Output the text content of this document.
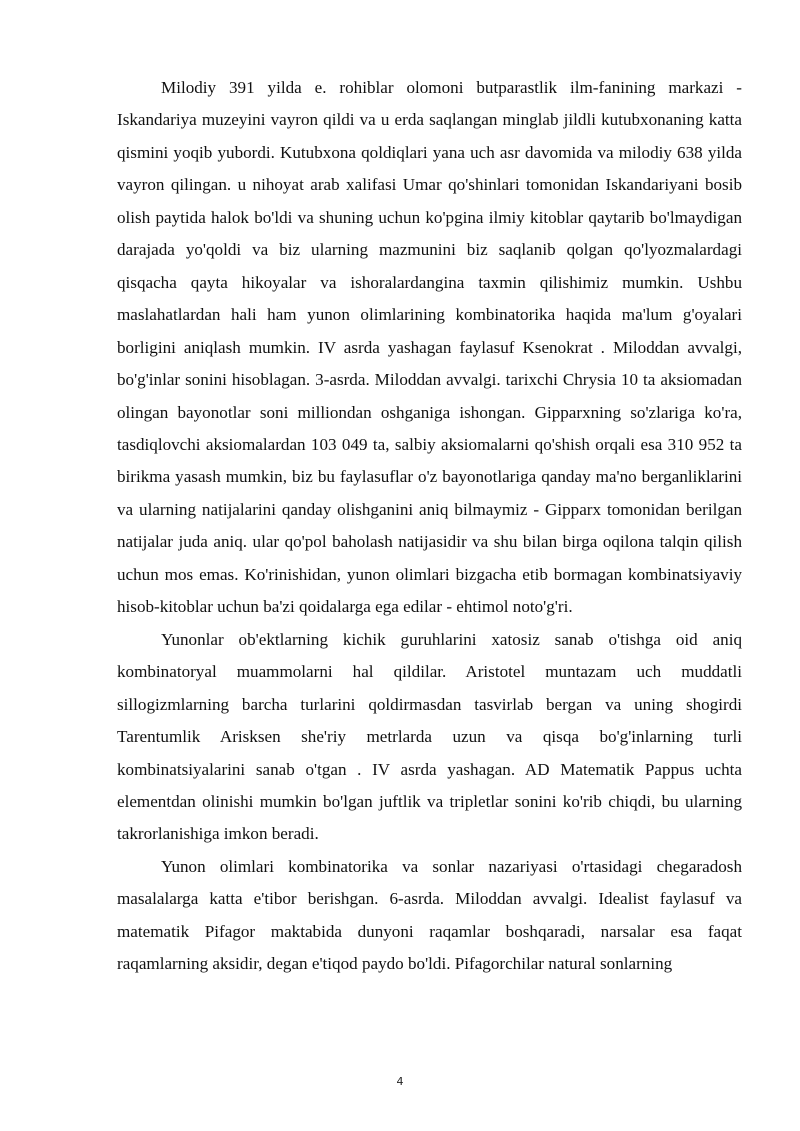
Milodiy 391 yilda e. rohiblar olomoni butparastlik ilm-fanining markazi - Iskandariya muzeyini vayron qildi va u erda saqlangan minglab jildli kutubxonaning katta qismini yoqib yubordi. Kutubxona qoldiqlari yana uch asr davomida va milodiy 638 yilda vayron qilingan. u nihoyat arab xalifasi Umar qo'shinlari tomonidan Iskandariyani bosib olish paytida halok bo'ldi va shuning uchun ko'pgina ilmiy kitoblar qaytarib bo'lmaydigan darajada yo'qoldi va biz ularning mazmunini biz saqlanib qolgan qo'lyozmalardagi qisqacha qayta hikoyalar va ishoralardangina taxmin qilishimiz mumkin. Ushbu maslahatlardan hali ham yunon olimlarining kombinatorika haqida ma'lum g'oyalari borligini aniqlash mumkin. IV asrda yashagan faylasuf Ksenokrat . Miloddan avvalgi, bo'g'inlar sonini hisoblagan. 3-asrda. Miloddan avvalgi. tarixchi Chrysia 10 ta aksiomadan olingan bayonotlar soni milliondan oshganiga ishongan. Gipparxning so'zlariga ko'ra, tasdiqlovchi aksiomalardan 103 049 ta, salbiy aksiomalarni qo'shish orqali esa 310 952 ta birikma yasash mumkin, biz bu faylasuflar o'z bayonotlariga qanday ma'no berganliklarini va ularning natijalarini qanday olishganini aniq bilmaymiz - Gipparx tomonidan berilgan natijalar juda aniq. ular qo'pol baholash natijasidir va shu bilan birga oqilona talqin qilish uchun mos emas. Ko'rinishidan, yunon olimlari bizgacha etib bormagan kombinatsiyaviy hisob-kitoblar uchun ba'zi qoidalarga ega edilar - ehtimol noto'g'ri.

Yunonlar ob'ektlarning kichik guruhlarini xatosiz sanab o'tishga oid aniq kombinatoryal muammolarni hal qildilar. Aristotel muntazam uch muddatli sillogizmlarning barcha turlarini qoldirmasdan tasvirlab bergan va uning shogirdi Tarentumlik Arisksen she'riy metrlarda uzun va qisqa bo'g'inlarning turli kombinatsiyalarini sanab o'tgan . IV asrda yashagan. AD Matematik Pappus uchta elementdan olinishi mumkin bo'lgan juftlik va tripletlar sonini ko'rib chiqdi, bu ularning takrorlanishiga imkon beradi.

Yunon olimlari kombinatorika va sonlar nazariyasi o'rtasidagi chegaradosh masalalarga katta e'tibor berishgan. 6-asrda. Miloddan avvalgi. Idealist faylasuf va matematik Pifagor maktabida dunyoni raqamlar boshqaradi, narsalar esa faqat raqamlarning aksidir, degan e'tiqod paydo bo'ldi. Pifagorchilar natural sonlarning

4
